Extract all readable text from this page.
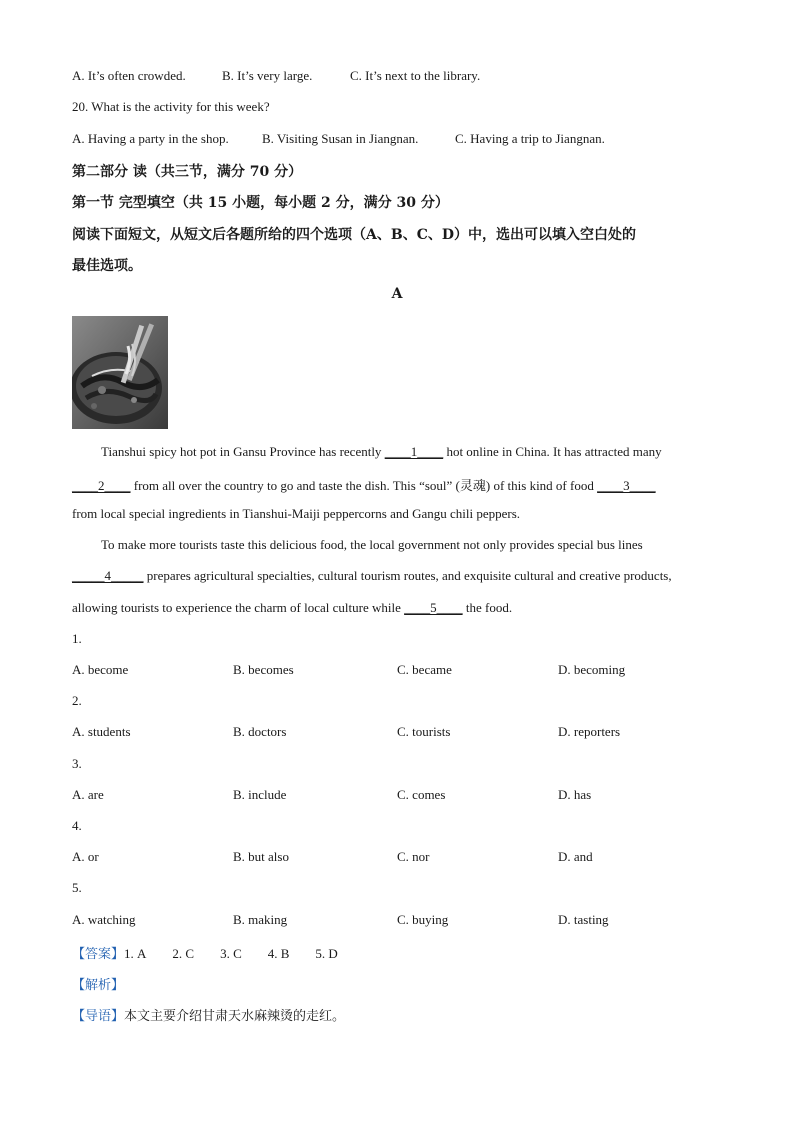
A. It’s often crowded.	B. It’s very large.	C. It’s next to the library.
20. What is the activity for this week?
A. Having a party in the shop.	B. Visiting Susan in Jiangnan.	C. Having a trip to Jiangnan.
第二部分 读（共三节，满分 70 分）
第一节 完型填空（共 15 小题，每小题 2 分，满分 30 分）
阅读下面短文，从短文后各题所给的四个选项（A、B、C、D）中，选出可以填入空白处的
最佳选项。
A
Tianshui spicy hot pot in Gansu Province has recently ____1____ hot online in China. It has attracted many
____2____ from all over the country to go and taste the dish. This “soul” (灵魂) of this kind of food ____3____
from local special ingredients in Tianshui-Maiji peppercorns and Gangu chili peppers.
To make more tourists taste this delicious food, the local government not only provides special bus lines
_____4_____ prepares agricultural specialties, cultural tourism routes, and exquisite cultural and creative products,
allowing tourists to experience the charm of local culture while ____5____ the food.
1.
A. become	B. becomes	C. became	D. becoming
2.
A. students	B. doctors	C. tourists	D. reporters
3.
A. are	B. include	C. comes	D. has
4.
A. or	B. but also	C. nor	D. and
5.
A. watching	B. making	C. buying	D. tasting
【答案】1. A 2. C 3. C 4. B 5. D
【解析】
【导语】本文主要介绍甘肃天水麻辣烫的走红。
